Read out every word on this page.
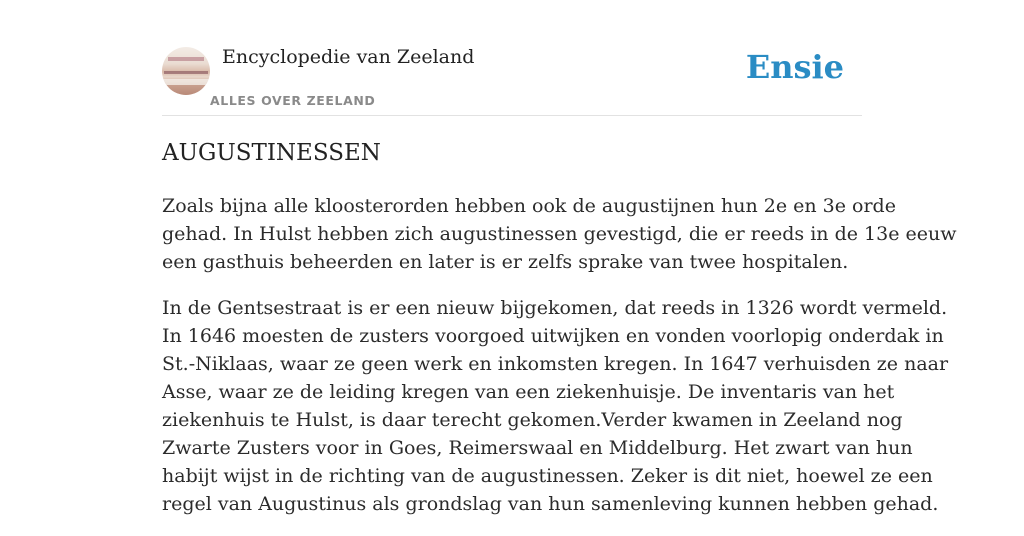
Encyclopedie van Zeeland
ALLES OVER ZEELAND
Ensie
AUGUSTINESSEN

Zoals bijna alle kloosterorden hebben ook de augustijnen hun 2e en 3e orde
gehad. In Hulst hebben zich augustinessen gevestigd, die er reeds in de 13e eeuw
een gasthuis beheerden en later is er zelfs sprake van twee hospitalen.

In de Gentsestraat is er een nieuw bijgekomen, dat reeds in 1326 wordt vermeld.
In 1646 moesten de zusters voorgoed uitwijken en vonden voorlopig onderdak in
St.-Niklaas, waar ze geen werk en inkomsten kregen. In 1647 verhuisden ze naar
Asse, waar ze de leiding kregen van een ziekenhuisje. De inventaris van het
ziekenhuis te Hulst, is daar terecht gekomen.Verder kwamen in Zeeland nog
Zwarte Zusters voor in Goes, Reimerswaal en Middelburg. Het zwart van hun
habijt wijst in de richting van de augustinessen. Zeker is dit niet, hoewel ze een
regel van Augustinus als grondslag van hun samenleving kunnen hebben gehad.
